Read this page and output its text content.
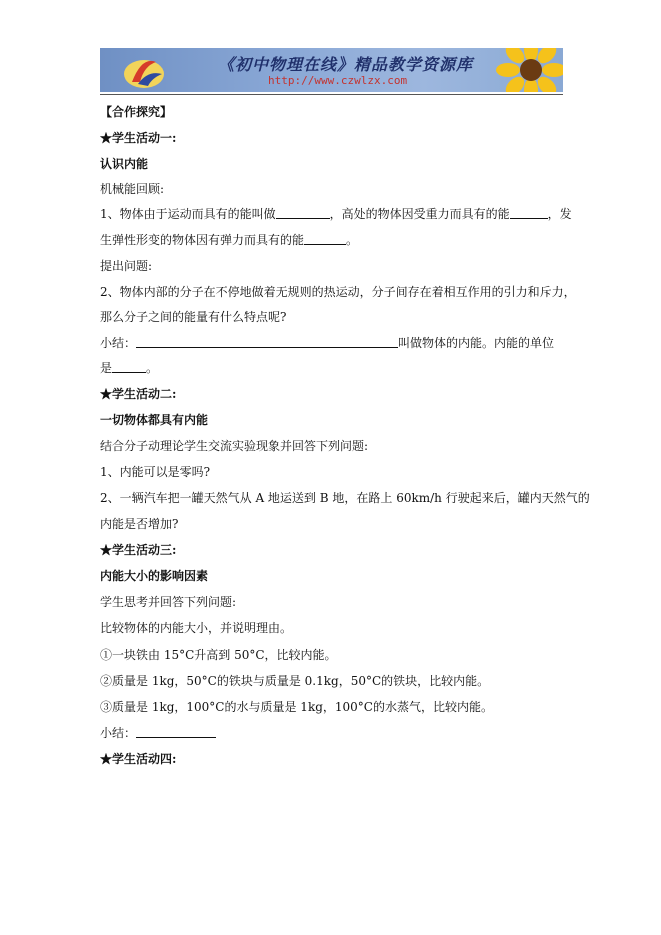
《初中物理在线》精品教学资源库
http://www.czwlzx.com
【合作探究】
★学生活动一:
认识内能
机械能回顾:
1、物体由于运动而具有的能叫做	，高处的物体因受重力而具有的能	，发
生弹性形变的物体因有弹力而具有的能	。
提出问题:
2、物体内部的分子在不停地做着无规则的热运动，分子间存在着相互作用的引力和斥力，
那么分子之间的能量有什么特点呢?
小结：	叫做物体的内能。内能的单位
是	。
★学生活动二:
一切物体都具有内能
结合分子动理论学生交流实验现象并回答下列问题:
1、内能可以是零吗?
2、一辆汽车把一罐天然气从 A 地运送到 B 地，在路上 60km/h 行驶起来后，罐内天然气的
内能是否增加?
★学生活动三:
内能大小的影响因素
学生思考并回答下列问题:
比较物体的内能大小，并说明理由。
①一块铁由 15°C升高到 50°C，比较内能。
②质量是 1kg，50°C的铁块与质量是 0.1kg，50°C的铁块，比较内能。
③质量是 1kg，100°C的水与质量是 1kg，100°C的水蒸气，比较内能。
小结：
★学生活动四:
